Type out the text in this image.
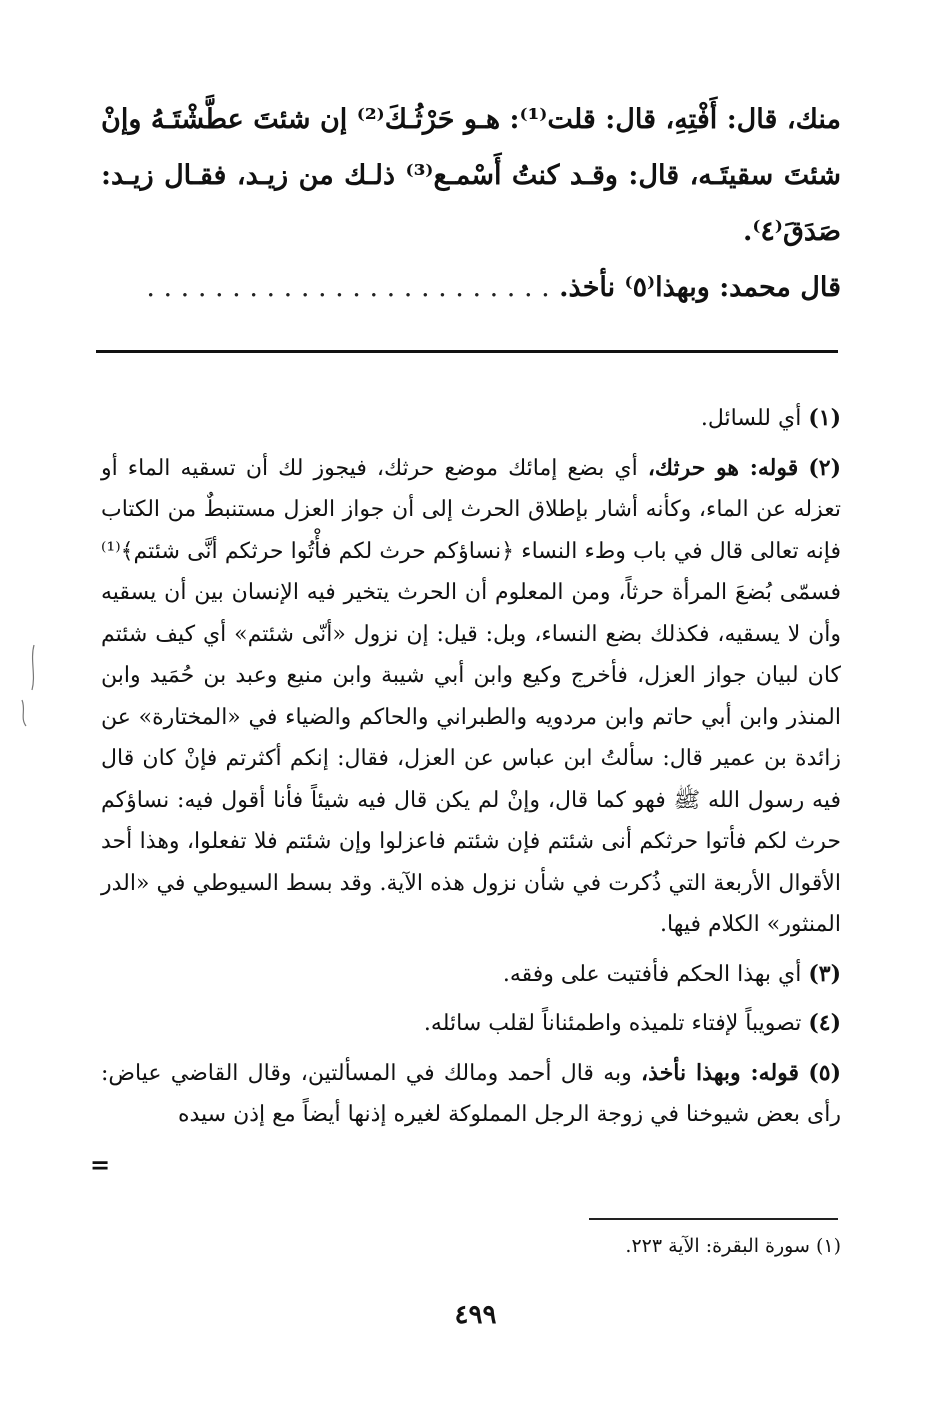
منك، قال: أَفْتِهِ، قال: قلت⁽¹⁾: هـو حَرْثُـكَ⁽²⁾ إن شئتَ عطَّشْتَـهُ وإنْ شئتَ سقيتَـه، قال: وقـد كنتُ أَسْمـع⁽³⁾ ذلـك من زيـد، فقـال زيـد: صَدَقَ⁽٤⁾.

قال محمد: وبهذا⁽٥⁾ نأخذ. . . . . . . . . . . . . . . . . . . . . . . . .

(١) أي للسائل.

(٢) قوله: هو حرثك، أي بضع إمائك موضع حرثك، فيجوز لك أن تسقيه الماء أو تعزله عن الماء، وكأنه أشار بإطلاق الحرث إلى أن جواز العزل مستنبطٌ من الكتاب فإنه تعالى قال في باب وطء النساء ﴿نساؤكم حرث لكم فأْتُوا حرثكم أنَّى شئتم﴾⁽¹⁾ فسمّى بُضعَ المرأة حرثاً، ومن المعلوم أن الحرث يتخير فيه الإنسان بين أن يسقيه وأن لا يسقيه، فكذلك بضع النساء، وبل: قيل: إن نزول «أنّى شئتم» أي كيف شئتم كان لبيان جواز العزل، فأخرج وكيع وابن أبي شيبة وابن منيع وعبد بن حُمَيد وابن المنذر وابن أبي حاتم وابن مردويه والطبراني والحاكم والضياء في «المختارة» عن زائدة بن عمير قال: سألتُ ابن عباس عن العزل، فقال: إنكم أكثرتم فإنْ كان قال فيه رسول الله ﷺ فهو كما قال، وإنْ لم يكن قال فيه شيئاً فأنا أقول فيه: نساؤكم حرث لكم فأتوا حرثكم أنى شئتم فإن شئتم فاعزلوا وإن شئتم فلا تفعلوا، وهذا أحد الأقوال الأربعة التي ذُكرت في شأن نزول هذه الآية. وقد بسط السيوطي في «الدر المنثور» الكلام فيها.

(٣) أي بهذا الحكم فأفتيت على وفقه.

(٤) تصويباً لإفتاء تلميذه واطمئناناً لقلب سائله.

(٥) قوله: وبهذا نأخذ، وبه قال أحمد ومالك في المسألتين، وقال القاضي عياض: رأى بعض شيوخنا في زوجة الرجل المملوكة لغيره إذنها أيضاً مع إذن سيده

=
(١) سورة البقرة: الآية ٢٢٣.
٤٩٩
